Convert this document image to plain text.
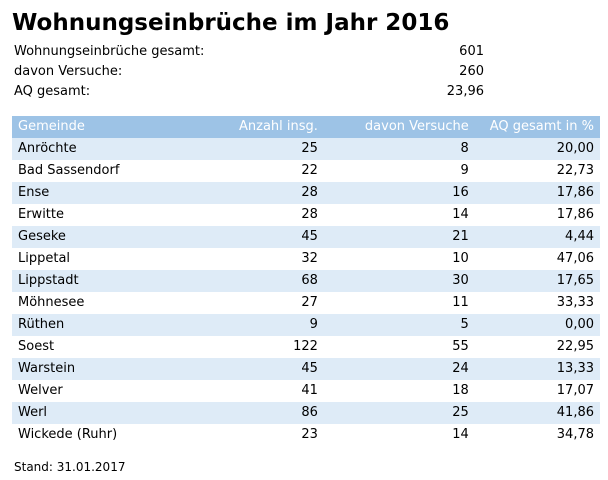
Wohnungseinbrüche im Jahr 2016
Wohnungseinbrüche gesamt:	601
davon Versuche:	260
AQ gesamt:	23,96
Gemeinde	Anzahl insg.	davon Versuche	AQ gesamt in %
Anröchte	25	8	20,00
Bad Sassendorf	22	9	22,73
Ense	28	16	17,86
Erwitte	28	14	17,86
Geseke	45	21	4,44
Lippetal	32	10	47,06
Lippstadt	68	30	17,65
Möhnesee	27	11	33,33
Rüthen	9	5	0,00
Soest	122	55	22,95
Warstein	45	24	13,33
Welver	41	18	17,07
Werl	86	25	41,86
Wickede (Ruhr)	23	14	34,78
Stand: 31.01.2017
